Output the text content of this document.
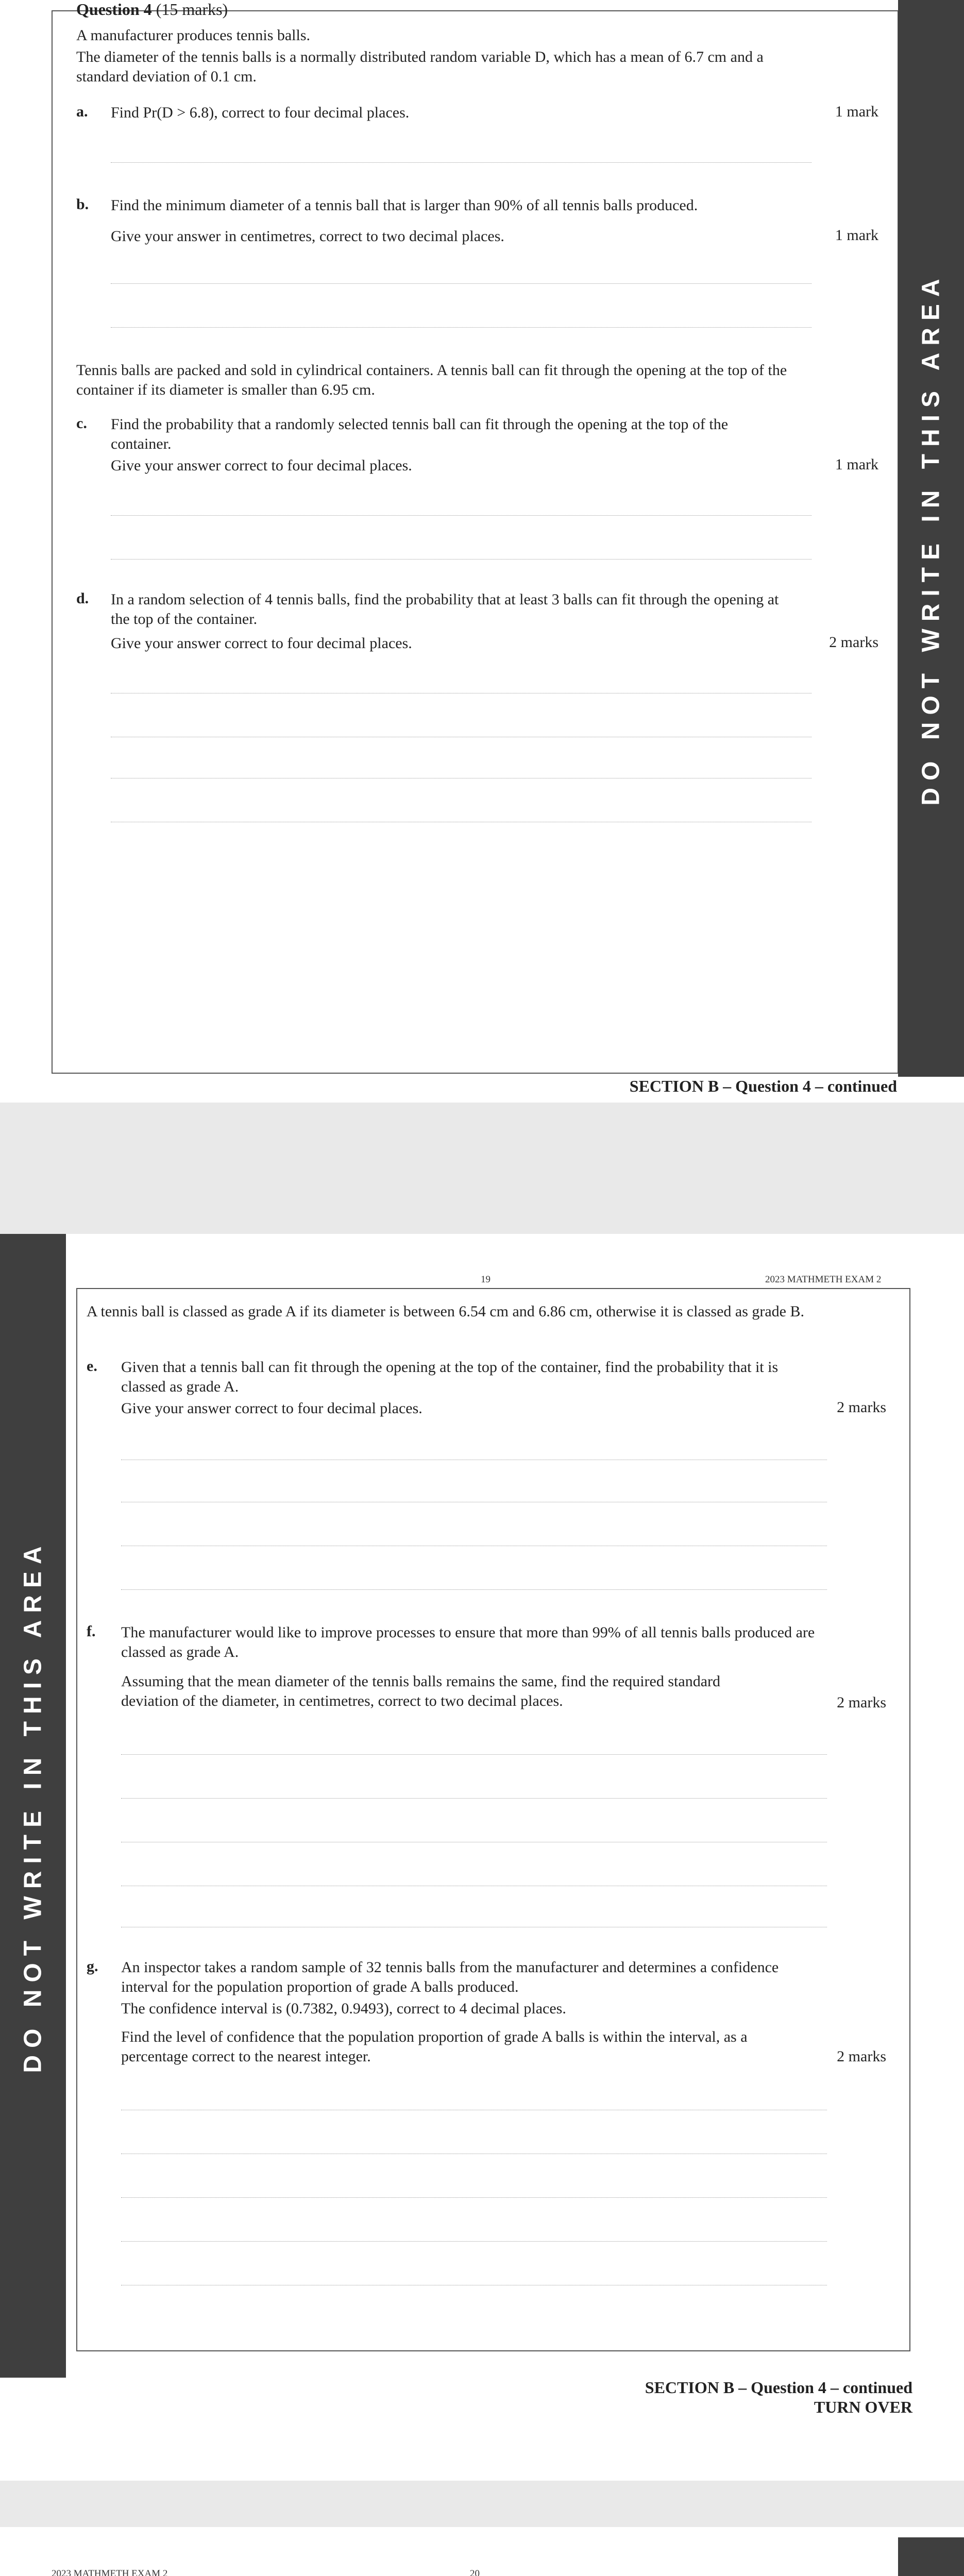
DO NOT WRITE IN THIS AREA
Question 4 (15 marks)
A manufacturer produces tennis balls.
The diameter of the tennis balls is a normally distributed random variable D, which has a mean of 6.7 cm and a standard deviation of 0.1 cm.
a. Find Pr(D > 6.8), correct to four decimal places.	1 mark
b. Find the minimum diameter of a tennis ball that is larger than 90% of all tennis balls produced.
Give your answer in centimetres, correct to two decimal places.	1 mark
Tennis balls are packed and sold in cylindrical containers. A tennis ball can fit through the opening at the top of the container if its diameter is smaller than 6.95 cm.
c. Find the probability that a randomly selected tennis ball can fit through the opening at the top of the container.
Give your answer correct to four decimal places.	1 mark
d. In a random selection of 4 tennis balls, find the probability that at least 3 balls can fit through the opening at the top of the container.
Give your answer correct to four decimal places.	2 marks
SECTION B – Question 4 – continued
DO NOT WRITE IN THIS AREA
19	2023 MATHMETH EXAM 2
A tennis ball is classed as grade A if its diameter is between 6.54 cm and 6.86 cm, otherwise it is classed as grade B.
e. Given that a tennis ball can fit through the opening at the top of the container, find the probability that it is classed as grade A.
Give your answer correct to four decimal places.	2 marks
f. The manufacturer would like to improve processes to ensure that more than 99% of all tennis balls produced are classed as grade A.
Assuming that the mean diameter of the tennis balls remains the same, find the required standard deviation of the diameter, in centimetres, correct to two decimal places.	2 marks
g. An inspector takes a random sample of 32 tennis balls from the manufacturer and determines a confidence interval for the population proportion of grade A balls produced.
The confidence interval is (0.7382, 0.9493), correct to 4 decimal places.
Find the level of confidence that the population proportion of grade A balls is within the interval, as a percentage correct to the nearest integer.	2 marks
SECTION B – Question 4 – continued
TURN OVER
2023 MATHMETH EXAM 2	20
